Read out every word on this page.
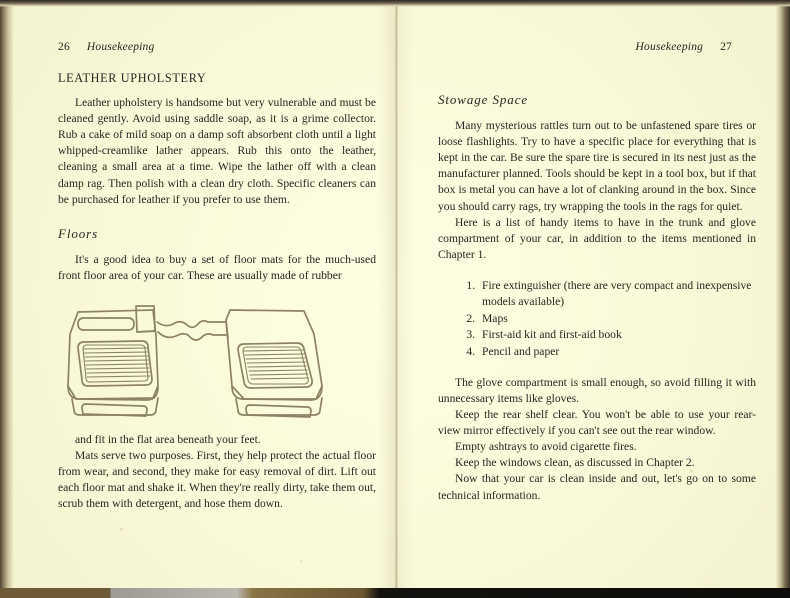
26 Housekeeping
LEATHER UPHOLSTERY

Leather upholstery is handsome but very vulnerable and must be cleaned gently. Avoid using saddle soap, as it is a grime collector. Rub a cake of mild soap on a damp soft absorbent cloth until a light whipped-creamlike lather appears. Rub this onto the leather, cleaning a small area at a time. Wipe the lather off with a clean damp rag. Then polish with a clean dry cloth. Specific cleaners can be purchased for leather if you prefer to use them.

Floors

It's a good idea to buy a set of floor mats for the much-used front floor area of your car. These are usually made of rubber

and fit in the flat area beneath your feet.

Mats serve two purposes. First, they help protect the actual floor from wear, and second, they make for easy removal of dirt. Lift out each floor mat and shake it. When they're really dirty, take them out, scrub them with detergent, and hose them down.

Housekeeping 27
Stowage Space

Many mysterious rattles turn out to be unfastened spare tires or loose flashlights. Try to have a specific place for everything that is kept in the car. Be sure the spare tire is secured in its nest just as the manufacturer planned. Tools should be kept in a tool box, but if that box is metal you can have a lot of clanking around in the box. Since you should carry rags, try wrapping the tools in the rags for quiet.

Here is a list of handy items to have in the trunk and glove compartment of your car, in addition to the items mentioned in Chapter 1.

1. Fire extinguisher (there are very compact and inexpensive models available)
2. Maps
3. First-aid kit and first-aid book
4. Pencil and paper

The glove compartment is small enough, so avoid filling it with unnecessary items like gloves.

Keep the rear shelf clear. You won't be able to use your rear-view mirror effectively if you can't see out the rear window.

Empty ashtrays to avoid cigarette fires.

Keep the windows clean, as discussed in Chapter 2.

Now that your car is clean inside and out, let's go on to some technical information.
